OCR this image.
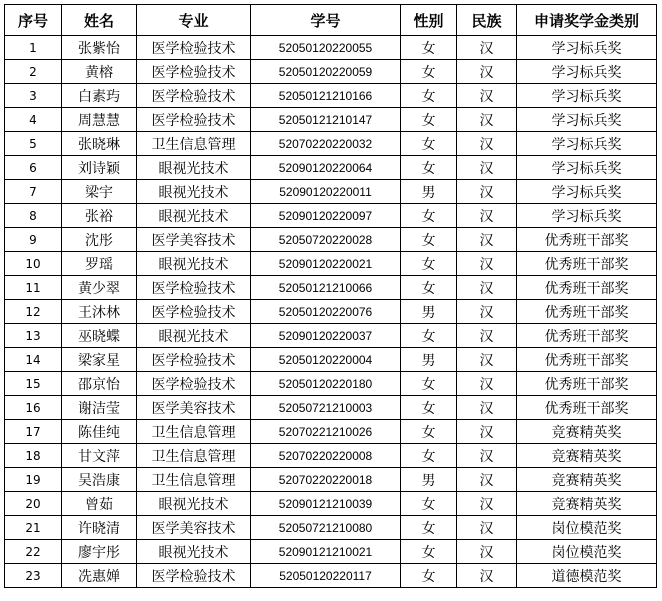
序号	姓名	专业	学号	性别	民族	申请奖学金类别
1	张紫怡	医学检验技术	52050120220055	女	汉	学习标兵奖
2	黄榕	医学检验技术	52050120220059	女	汉	学习标兵奖
3	白素玙	医学检验技术	52050121210166	女	汉	学习标兵奖
4	周慧慧	医学检验技术	52050121210147	女	汉	学习标兵奖
5	张晓琳	卫生信息管理	52070220220032	女	汉	学习标兵奖
6	刘诗颖	眼视光技术	52090120220064	女	汉	学习标兵奖
7	梁宇	眼视光技术	52090120220011	男	汉	学习标兵奖
8	张裕	眼视光技术	52090120220097	女	汉	学习标兵奖
9	沈彤	医学美容技术	52050720220028	女	汉	优秀班干部奖
10	罗瑶	眼视光技术	52090120220021	女	汉	优秀班干部奖
11	黄少翠	医学检验技术	52050121210066	女	汉	优秀班干部奖
12	王沐林	医学检验技术	52050120220076	男	汉	优秀班干部奖
13	巫晓蝶	眼视光技术	52090120220037	女	汉	优秀班干部奖
14	梁家星	医学检验技术	52050120220004	男	汉	优秀班干部奖
15	邵京怡	医学检验技术	52050120220180	女	汉	优秀班干部奖
16	谢洁莹	医学美容技术	52050721210003	女	汉	优秀班干部奖
17	陈佳纯	卫生信息管理	52070221210026	女	汉	竞赛精英奖
18	甘文萍	卫生信息管理	52070220220008	女	汉	竞赛精英奖
19	吴浩康	卫生信息管理	52070220220018	男	汉	竞赛精英奖
20	曾茹	眼视光技术	52090121210039	女	汉	竞赛精英奖
21	许晓清	医学美容技术	52050721210080	女	汉	岗位模范奖
22	廖宇彤	眼视光技术	52090121210021	女	汉	岗位模范奖
23	冼惠婵	医学检验技术	52050120220117	女	汉	道德模范奖
